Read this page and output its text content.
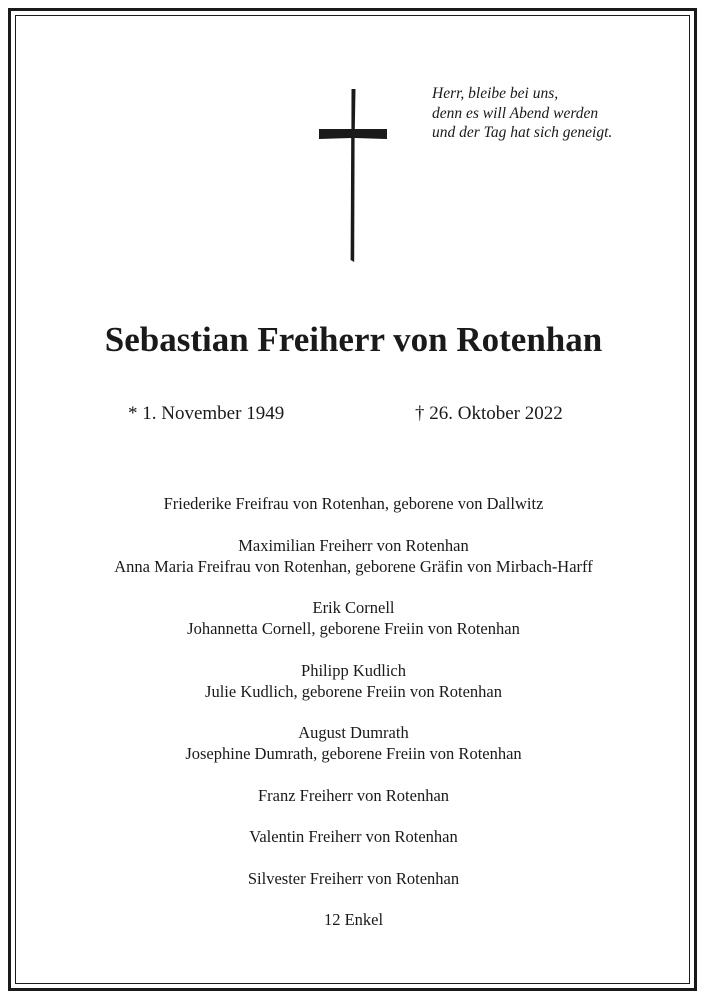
Herr, bleibe bei uns,
denn es will Abend werden
und der Tag hat sich geneigt.
Sebastian Freiherr von Rotenhan
* 1. November 1949	† 26. Oktober 2022
Friederike Freifrau von Rotenhan, geborene von Dallwitz
Maximilian Freiherr von Rotenhan
Anna Maria Freifrau von Rotenhan, geborene Gräfin von Mirbach-Harff
Erik Cornell
Johannetta Cornell, geborene Freiin von Rotenhan
Philipp Kudlich
Julie Kudlich, geborene Freiin von Rotenhan
August Dumrath
Josephine Dumrath, geborene Freiin von Rotenhan
Franz Freiherr von Rotenhan
Valentin Freiherr von Rotenhan
Silvester Freiherr von Rotenhan
12 Enkel
